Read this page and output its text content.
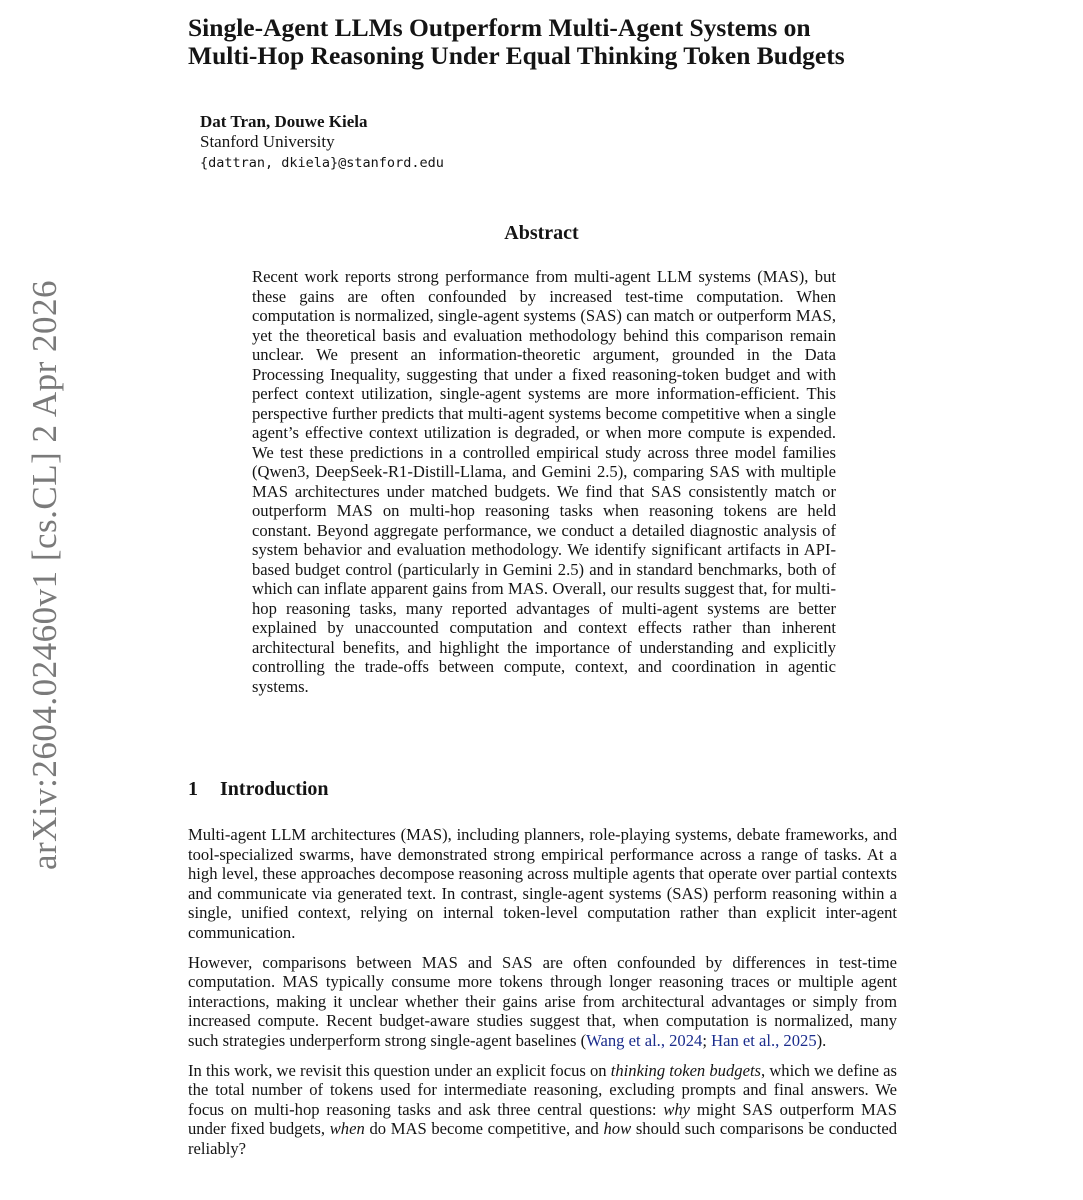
arXiv:2604.02460v1 [cs.CL] 2 Apr 2026
Single-Agent LLMs Outperform Multi-Agent Systems on
Multi-Hop Reasoning Under Equal Thinking Token Budgets
Dat Tran, Douwe Kiela
Stanford University
{dattran, dkiela}@stanford.edu
Abstract

Recent work reports strong performance from multi-agent LLM systems (MAS), but these gains are often confounded by increased test-time computation. When computation is normalized, single-agent systems (SAS) can match or outperform MAS, yet the theoretical basis and evaluation methodology behind this comparison remain unclear. We present an information-theoretic argument, grounded in the Data Processing Inequality, suggesting that under a fixed reasoning-token budget and with perfect context utilization, single-agent systems are more information-efficient. This perspective further predicts that multi-agent systems become competitive when a single agent’s effective context utilization is degraded, or when more compute is expended. We test these predictions in a controlled empirical study across three model families (Qwen3, DeepSeek-R1-Distill-Llama, and Gemini 2.5), comparing SAS with multiple MAS architectures under matched budgets. We find that SAS consistently match or outperform MAS on multi-hop reasoning tasks when reasoning tokens are held constant. Beyond aggregate performance, we conduct a detailed diagnostic analysis of system behavior and evaluation methodology. We identify significant artifacts in API-based budget control (particularly in Gemini 2.5) and in standard benchmarks, both of which can inflate apparent gains from MAS. Overall, our results suggest that, for multi-hop reasoning tasks, many reported advantages of multi-agent systems are better explained by unaccounted computation and context effects rather than inherent architectural benefits, and highlight the importance of understanding and explicitly controlling the trade-offs between compute, context, and coordination in agentic systems.

1 Introduction

Multi-agent LLM architectures (MAS), including planners, role-playing systems, debate frameworks, and tool-specialized swarms, have demonstrated strong empirical performance across a range of tasks. At a high level, these approaches decompose reasoning across multiple agents that operate over partial contexts and communicate via generated text. In contrast, single-agent systems (SAS) perform reasoning within a single, unified context, relying on internal token-level computation rather than explicit inter-agent communication.

However, comparisons between MAS and SAS are often confounded by differences in test-time computation. MAS typically consume more tokens through longer reasoning traces or multiple agent interactions, making it unclear whether their gains arise from architectural advantages or simply from increased compute. Recent budget-aware studies suggest that, when computation is normalized, many such strategies underperform strong single-agent baselines (Wang et al., 2024; Han et al., 2025).

In this work, we revisit this question under an explicit focus on thinking token budgets, which we define as the total number of tokens used for intermediate reasoning, excluding prompts and final answers. We focus on multi-hop reasoning tasks and ask three central questions: why might SAS outperform MAS under fixed budgets, when do MAS become competitive, and how should such comparisons be conducted reliably?
